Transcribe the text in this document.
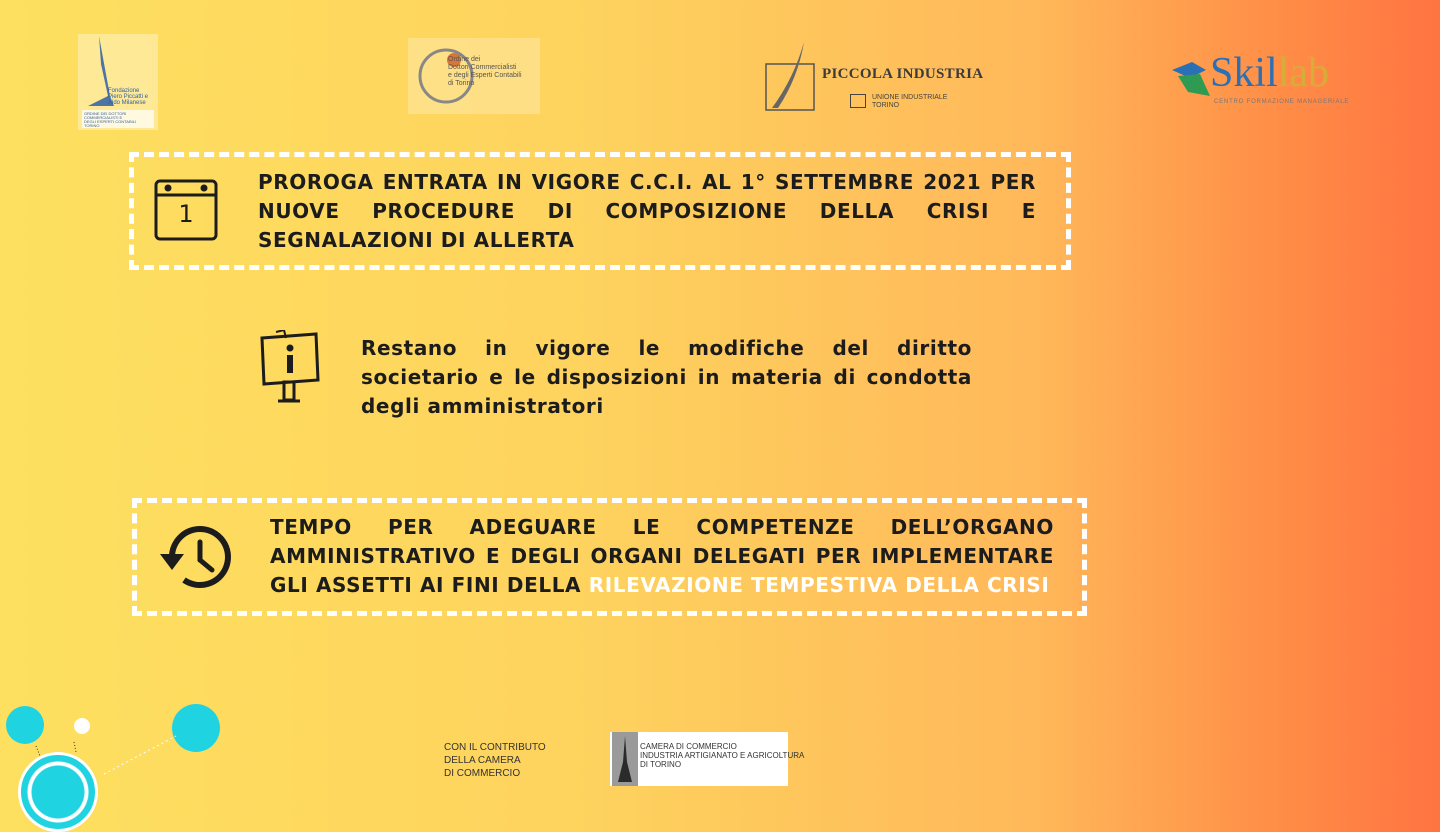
Fondazione
Piero Piccatti e
Aldo Milanese
ORDINE DEI DOTTORI
COMMERCIALISTI E
DEGLI ESPERTI CONTABILI
TORINO
Ordine dei
Dottori Commercialisti
e degli Esperti Contabili
di Torino
PICCOLA INDUSTRIA
UNIONE INDUSTRIALE
TORINO
Skillab
CENTRO FORMAZIONE MANAGERIALE
1
PROROGA ENTRATA IN VIGORE C.C.I. AL 1° SETTEMBRE 2021 PER NUOVE PROCEDURE DI COMPOSIZIONE DELLA CRISI E SEGNALAZIONI DI ALLERTA
Restano in vigore le modifiche del diritto societario e le disposizioni in materia di condotta degli amministratori
TEMPO PER ADEGUARE LE COMPETENZE DELL’ORGANO AMMINISTRATIVO E DEGLI ORGANI DELEGATI PER IMPLEMENTARE GLI ASSETTI AI FINI DELLA RILEVAZIONE TEMPESTIVA DELLA CRISI
CON IL CONTRIBUTO
DELLA CAMERA
DI COMMERCIO
CAMERA DI COMMERCIO
INDUSTRIA ARTIGIANATO E AGRICOLTURA
DI TORINO
